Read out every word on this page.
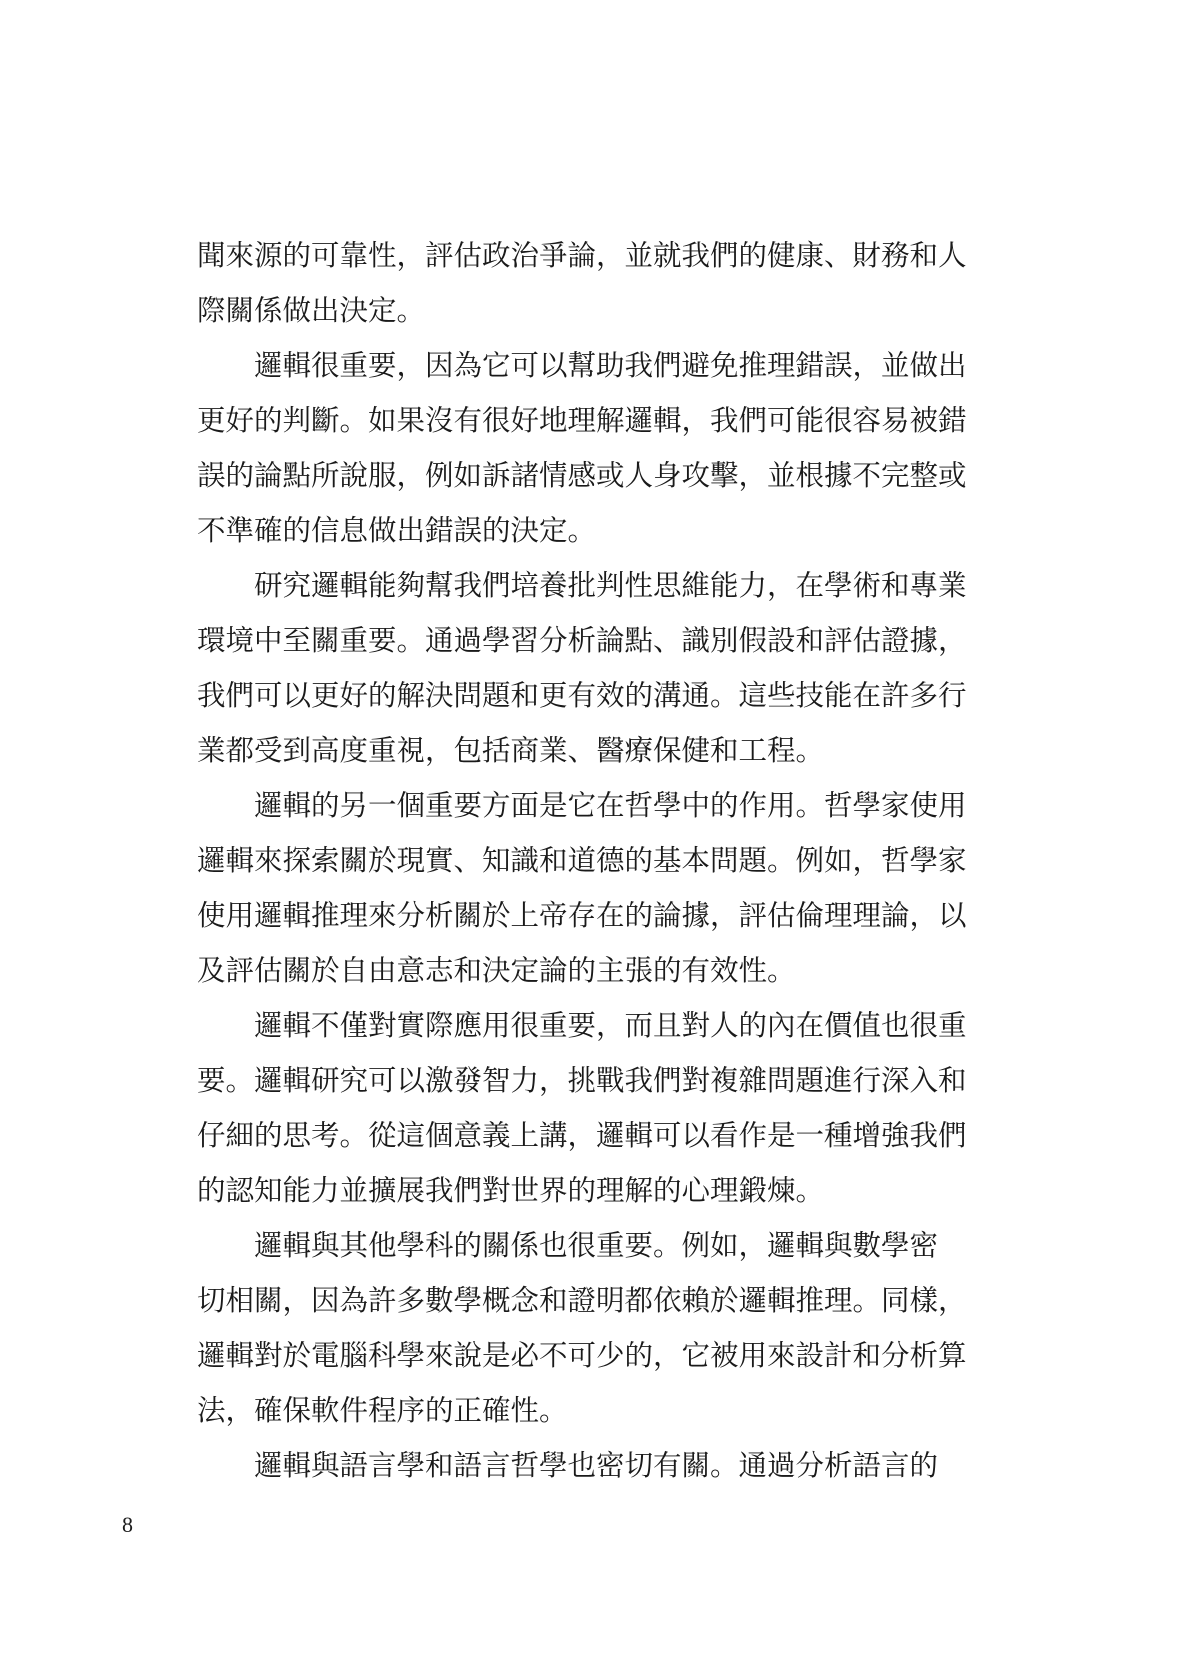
聞來源的可靠性，評估政治爭論，並就我們的健康、財務和人
際關係做出決定。
邏輯很重要，因為它可以幫助我們避免推理錯誤，並做出
更好的判斷。如果沒有很好地理解邏輯，我們可能很容易被錯
誤的論點所說服，例如訴諸情感或人身攻擊，並根據不完整或
不準確的信息做出錯誤的決定。
研究邏輯能夠幫我們培養批判性思維能力，在學術和專業
環境中至關重要。通過學習分析論點、識別假設和評估證據，
我們可以更好的解決問題和更有效的溝通。這些技能在許多行
業都受到高度重視，包括商業、醫療保健和工程。
邏輯的另一個重要方面是它在哲學中的作用。哲學家使用
邏輯來探索關於現實、知識和道德的基本問題。例如，哲學家
使用邏輯推理來分析關於上帝存在的論據，評估倫理理論，以
及評估關於自由意志和決定論的主張的有效性。
邏輯不僅對實際應用很重要，而且對人的內在價值也很重
要。邏輯研究可以激發智力，挑戰我們對複雜問題進行深入和
仔細的思考。從這個意義上講，邏輯可以看作是一種增強我們
的認知能力並擴展我們對世界的理解的心理鍛煉。
邏輯與其他學科的關係也很重要。例如，邏輯與數學密
切相關，因為許多數學概念和證明都依賴於邏輯推理。同樣，
邏輯對於電腦科學來說是必不可少的，它被用來設計和分析算
法，確保軟件程序的正確性。
邏輯與語言學和語言哲學也密切有關。通過分析語言的
8
